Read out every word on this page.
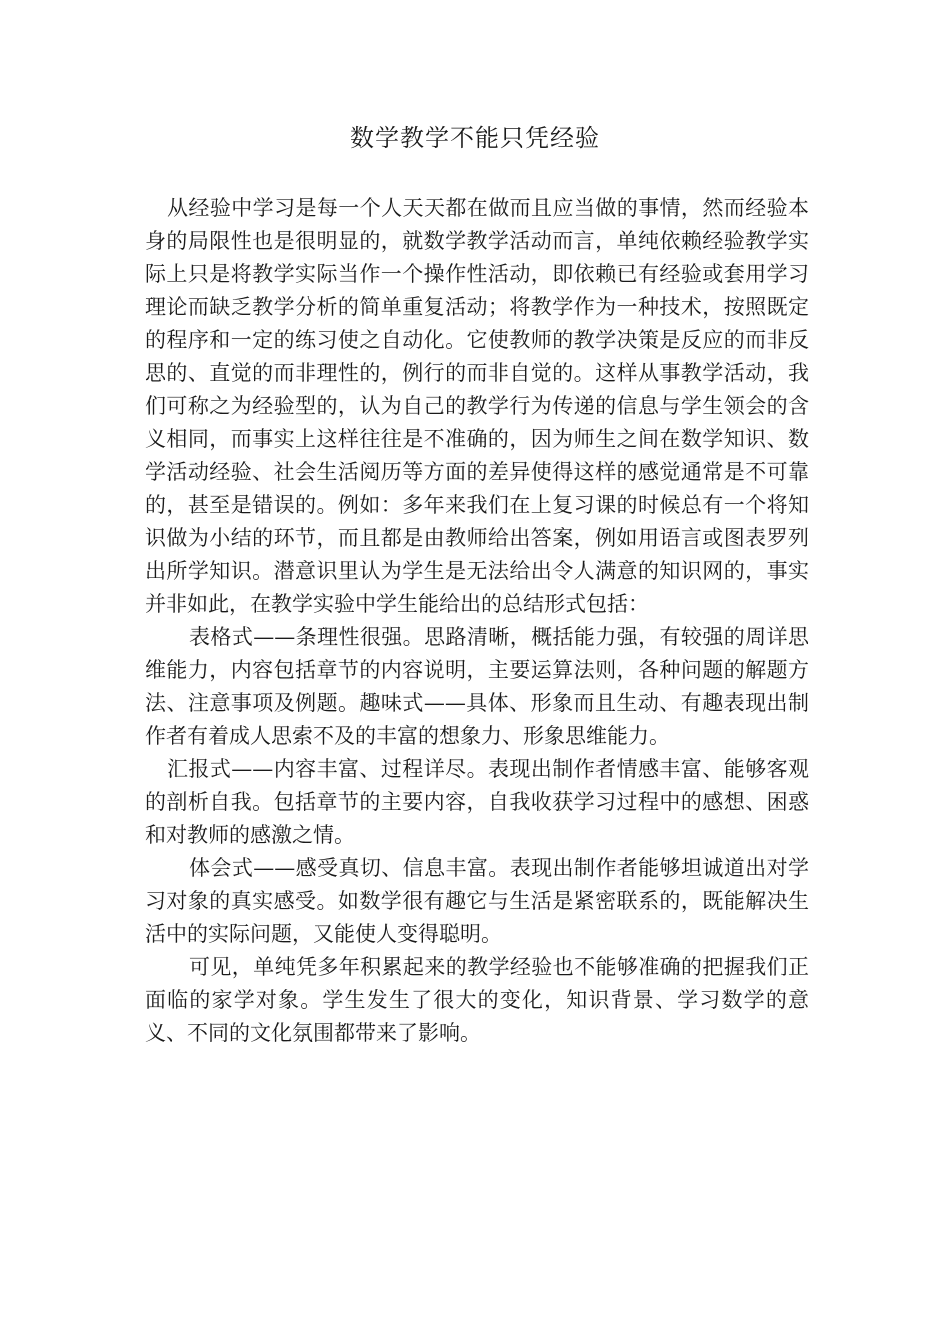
数学教学不能只凭经验

从经验中学习是每一个人天天都在做而且应当做的事情，然而经验本身的局限性也是很明显的，就数学教学活动而言，单纯依赖经验教学实际上只是将教学实际当作一个操作性活动，即依赖已有经验或套用学习理论而缺乏教学分析的简单重复活动；将教学作为一种技术，按照既定的程序和一定的练习使之自动化。它使教师的教学决策是反应的而非反思的、直觉的而非理性的，例行的而非自觉的。这样从事教学活动，我们可称之为经验型的，认为自己的教学行为传递的信息与学生领会的含义相同，而事实上这样往往是不准确的，因为师生之间在数学知识、数学活动经验、社会生活阅历等方面的差异使得这样的感觉通常是不可靠的，甚至是错误的。例如：多年来我们在上复习课的时候总有一个将知识做为小结的环节，而且都是由教师给出答案，例如用语言或图表罗列出所学知识。潜意识里认为学生是无法给出令人满意的知识网的，事实并非如此，在教学实验中学生能给出的总结形式包括：

表格式——条理性很强。思路清晰，概括能力强，有较强的周详思维能力，内容包括章节的内容说明，主要运算法则，各种问题的解题方法、注意事项及例题。趣味式——具体、形象而且生动、有趣表现出制作者有着成人思索不及的丰富的想象力、形象思维能力。

汇报式——内容丰富、过程详尽。表现出制作者情感丰富、能够客观的剖析自我。包括章节的主要内容，自我收获学习过程中的感想、困惑和对教师的感激之情。

体会式——感受真切、信息丰富。表现出制作者能够坦诚道出对学习对象的真实感受。如数学很有趣它与生活是紧密联系的，既能解决生活中的实际问题，又能使人变得聪明。

可见，单纯凭多年积累起来的教学经验也不能够准确的把握我们正面临的家学对象。学生发生了很大的变化，知识背景、学习数学的意义、不同的文化氛围都带来了影响。
